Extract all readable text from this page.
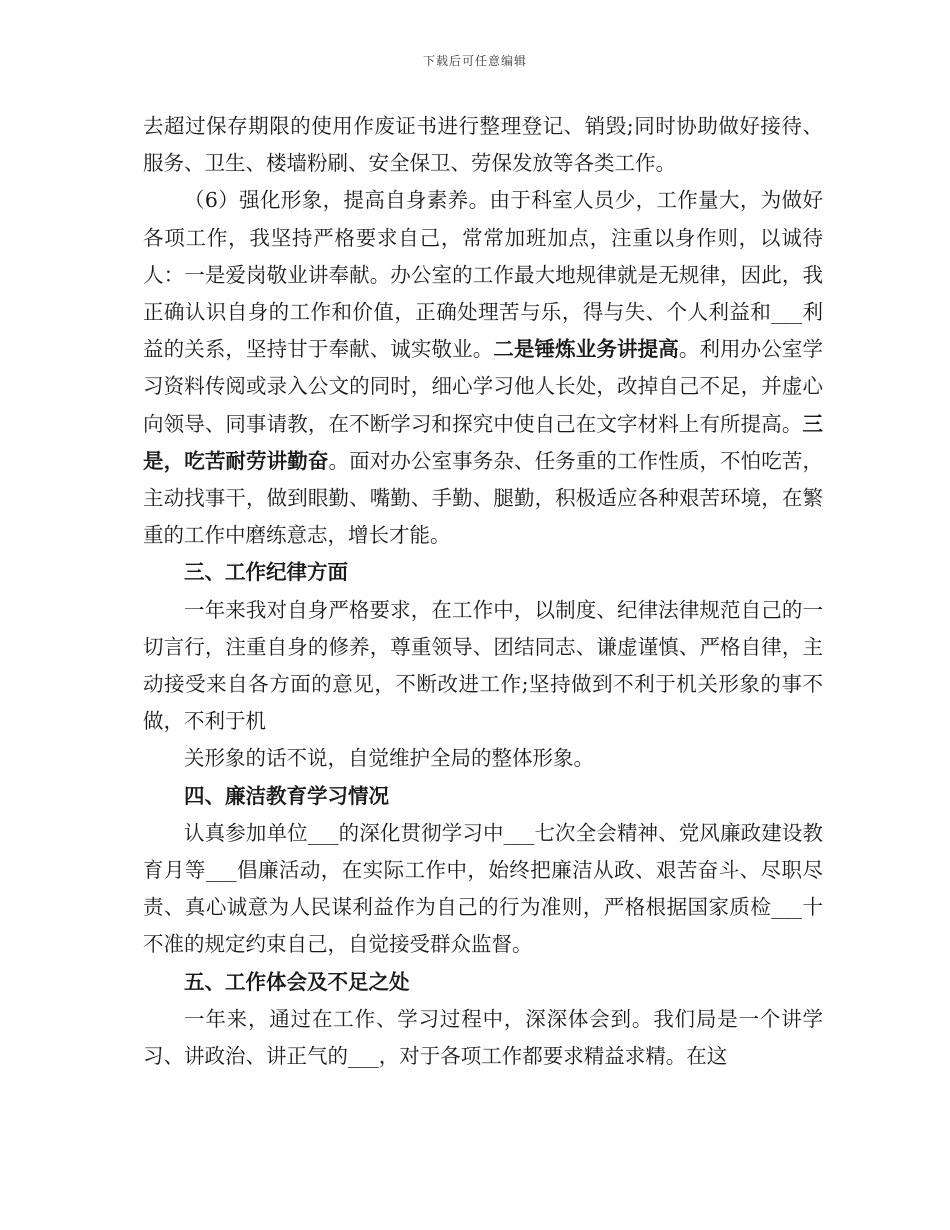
下载后可任意编辑

去超过保存期限的使用作废证书进行整理登记、销毁;同时协助做好接待、服务、卫生、楼墙粉刷、安全保卫、劳保发放等各类工作。

（6）强化形象，提高自身素养。由于科室人员少，工作量大，为做好各项工作，我坚持严格要求自己，常常加班加点，注重以身作则，以诚待人：一是爱岗敬业讲奉献。办公室的工作最大地规律就是无规律，因此，我正确认识自身的工作和价值，正确处理苦与乐，得与失、个人利益和___利益的关系，坚持甘于奉献、诚实敬业。二是锤炼业务讲提高。利用办公室学习资料传阅或录入公文的同时，细心学习他人长处，改掉自己不足，并虚心向领导、同事请教，在不断学习和探究中使自己在文字材料上有所提高。三是，吃苦耐劳讲勤奋。面对办公室事务杂、任务重的工作性质，不怕吃苦，主动找事干，做到眼勤、嘴勤、手勤、腿勤，积极适应各种艰苦环境，在繁重的工作中磨练意志，增长才能。

三、工作纪律方面

一年来我对自身严格要求，在工作中，以制度、纪律法律规范自己的一切言行，注重自身的修养，尊重领导、团结同志、谦虚谨慎、严格自律，主动接受来自各方面的意见，不断改进工作;坚持做到不利于机关形象的事不做，不利于机

关形象的话不说，自觉维护全局的整体形象。

四、廉洁教育学习情况

认真参加单位___的深化贯彻学习中___七次全会精神、党风廉政建设教育月等___倡廉活动，在实际工作中，始终把廉洁从政、艰苦奋斗、尽职尽责、真心诚意为人民谋利益作为自己的行为准则，严格根据国家质检___十不准的规定约束自己，自觉接受群众监督。

五、工作体会及不足之处

一年来，通过在工作、学习过程中，深深体会到。我们局是一个讲学习、讲政治、讲正气的___，对于各项工作都要求精益求精。在这
